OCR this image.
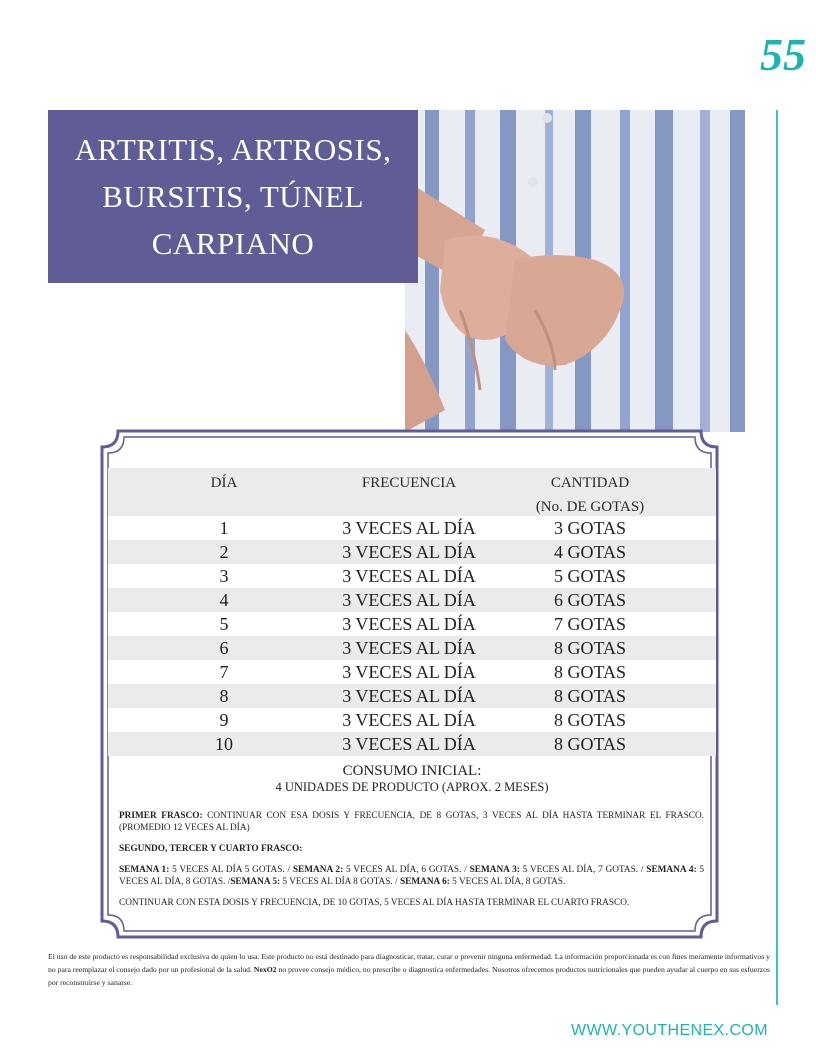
55
ARTRITIS, ARTROSIS,
BURSITIS, TÚNEL
CARPIANO
DÍA	FRECUENCIA	CANTIDAD
(No. DE GOTAS)
1	3 VECES AL DÍA	3 GOTAS
2	3 VECES AL DÍA	4 GOTAS
3	3 VECES AL DÍA	5 GOTAS
4	3 VECES AL DÍA	6 GOTAS
5	3 VECES AL DÍA	7 GOTAS
6	3 VECES AL DÍA	8 GOTAS
7	3 VECES AL DÍA	8 GOTAS
8	3 VECES AL DÍA	8 GOTAS
9	3 VECES AL DÍA	8 GOTAS
10	3 VECES AL DÍA	8 GOTAS
CONSUMO INICIAL:
4 UNIDADES DE PRODUCTO (APROX. 2 MESES)

PRIMER FRASCO: CONTINUAR CON ESA DOSIS Y FRECUENCIA, DE 8 GOTAS, 3 VECES AL DÍA HASTA TERMINAR EL FRASCO. (PROMEDIO 12 VECES AL DÍA)

SEGUNDO, TERCER Y CUARTO FRASCO:

SEMANA 1: 5 VECES AL DÍA 5 GOTAS. / SEMANA 2: 5 VECES AL DÍA, 6 GOTAS. / SEMANA 3: 5 VECES AL DÍA, 7 GOTAS. / SEMANA 4: 5 VECES AL DÍA, 8 GOTAS. /SEMANA 5: 5 VECES AL DÍA 8 GOTAS. / SEMANA 6: 5 VECES AL DÍA, 8 GOTAS.

CONTINUAR CON ESTA DOSIS Y FRECUENCIA, DE 10 GOTAS, 5 VECES AL DÍA HASTA TERMINAR EL CUARTO FRASCO.

El uso de este producto es responsabilidad exclusiva de quien lo usa. Este producto no está destinado para diagnosticar, tratar, curar o prevenir ninguna enfermedad. La información proporcionada es con fines meramente informativos y no para reemplazar el consejo dado por un profesional de la salud. NexO2 no provee consejo médico, no prescribe o diagnostica enfermedades. Nosotros ofrecemos productos nutricionales que pueden ayudar al cuerpo en sus esfuerzos por reconstruirse y sanarse.
WWW.YOUTHENEX.COM
